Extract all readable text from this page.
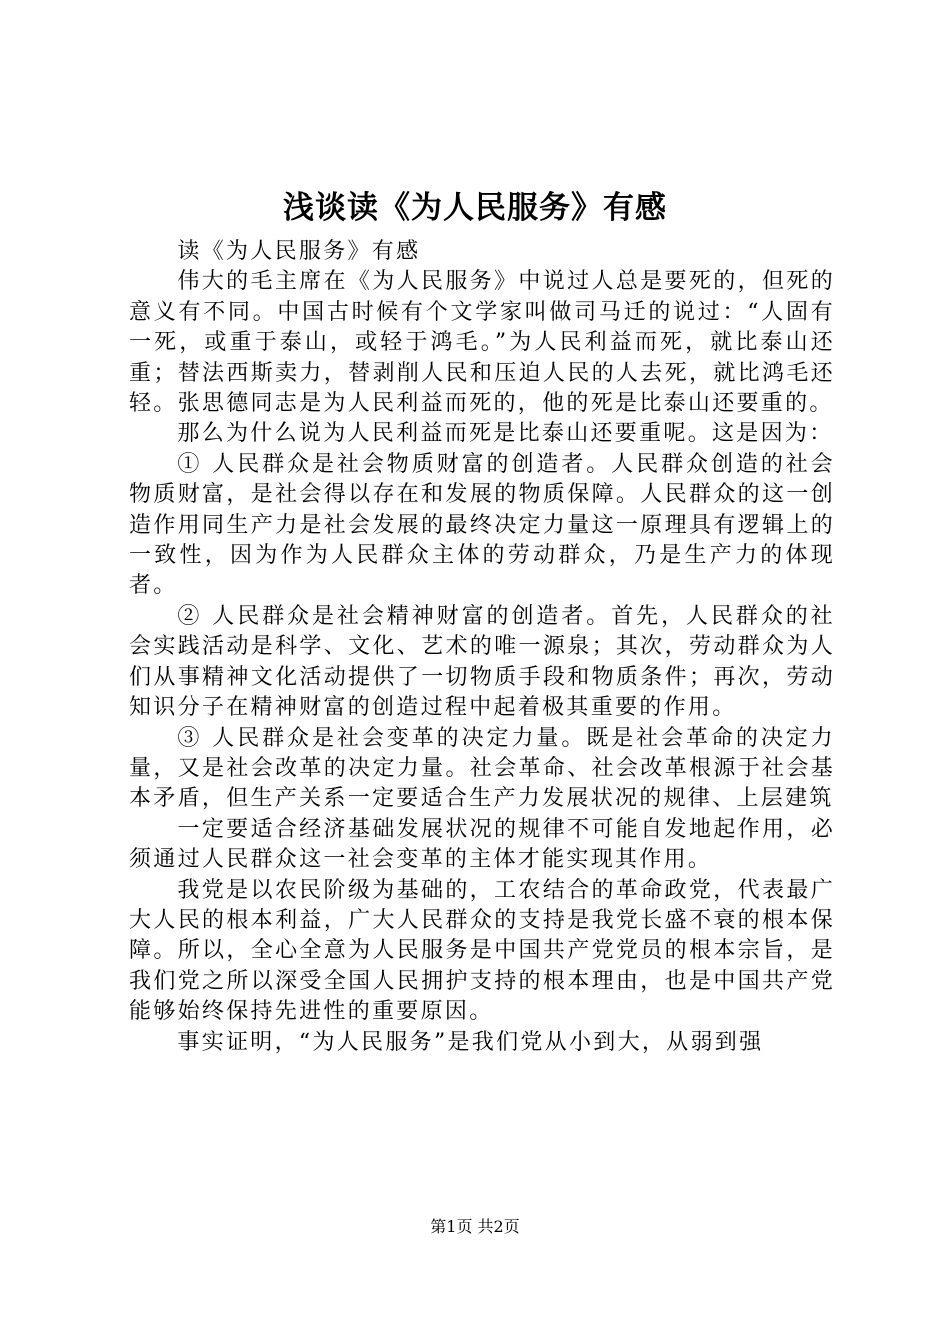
浅谈读《为人民服务》有感

读《为人民服务》有感

伟大的毛主席在《为人民服务》中说过人总是要死的，但死的意义有不同。中国古时候有个文学家叫做司马迁的说过：“人固有一死，或重于泰山，或轻于鸿毛。”为人民利益而死，就比泰山还重；替法西斯卖力，替剥削人民和压迫人民的人去死，就比鸿毛还轻。张思德同志是为人民利益而死的，他的死是比泰山还要重的。

那么为什么说为人民利益而死是比泰山还要重呢。这是因为：

① 人民群众是社会物质财富的创造者。人民群众创造的社会物质财富，是社会得以存在和发展的物质保障。人民群众的这一创造作用同生产力是社会发展的最终决定力量这一原理具有逻辑上的一致性，因为作为人民群众主体的劳动群众，乃是生产力的体现者。

② 人民群众是社会精神财富的创造者。首先，人民群众的社会实践活动是科学、文化、艺术的唯一源泉；其次，劳动群众为人们从事精神文化活动提供了一切物质手段和物质条件；再次，劳动知识分子在精神财富的创造过程中起着极其重要的作用。

③ 人民群众是社会变革的决定力量。既是社会革命的决定力量，又是社会改革的决定力量。社会革命、社会改革根源于社会基本矛盾，但生产关系一定要适合生产力发展状况的规律、上层建筑

一定要适合经济基础发展状况的规律不可能自发地起作用，必须通过人民群众这一社会变革的主体才能实现其作用。

我党是以农民阶级为基础的，工农结合的革命政党，代表最广大人民的根本利益，广大人民群众的支持是我党长盛不衰的根本保障。所以，全心全意为人民服务是中国共产党党员的根本宗旨，是我们党之所以深受全国人民拥护支持的根本理由，也是中国共产党能够始终保持先进性的重要原因。

事实证明，“为人民服务”是我们党从小到大，从弱到强

第1页 共2页
